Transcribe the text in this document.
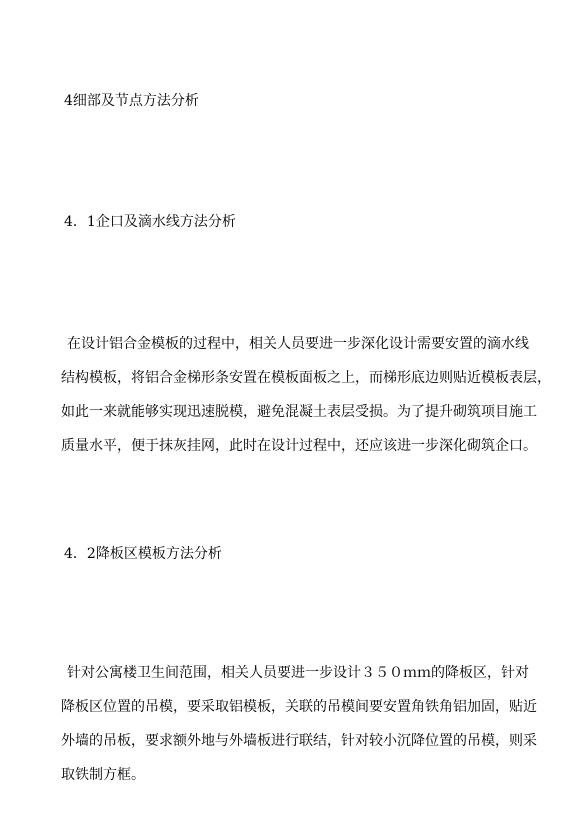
4细部及节点方法分析
4．1企口及滴水线方法分析

在设计铝合金模板的过程中，相关人员要进一步深化设计需要安置的滴水线
结构模板，将铝合金梯形条安置在模板面板之上，而梯形底边则贴近模板表层，
如此一来就能够实现迅速脱模，避免混凝土表层受损。为了提升砌筑项目施工
质量水平，便于抹灰挂网，此时在设计过程中，还应该进一步深化砌筑企口。

4．2降板区模板方法分析

针对公寓楼卫生间范围，相关人员要进一步设计３５０ｍｍ的降板区，针对
降板区位置的吊模，要采取铝模板，关联的吊模间要安置角铁角铝加固，贴近
外墙的吊板，要求额外地与外墙板进行联结，针对较小沉降位置的吊模，则采
取铁制方框。
